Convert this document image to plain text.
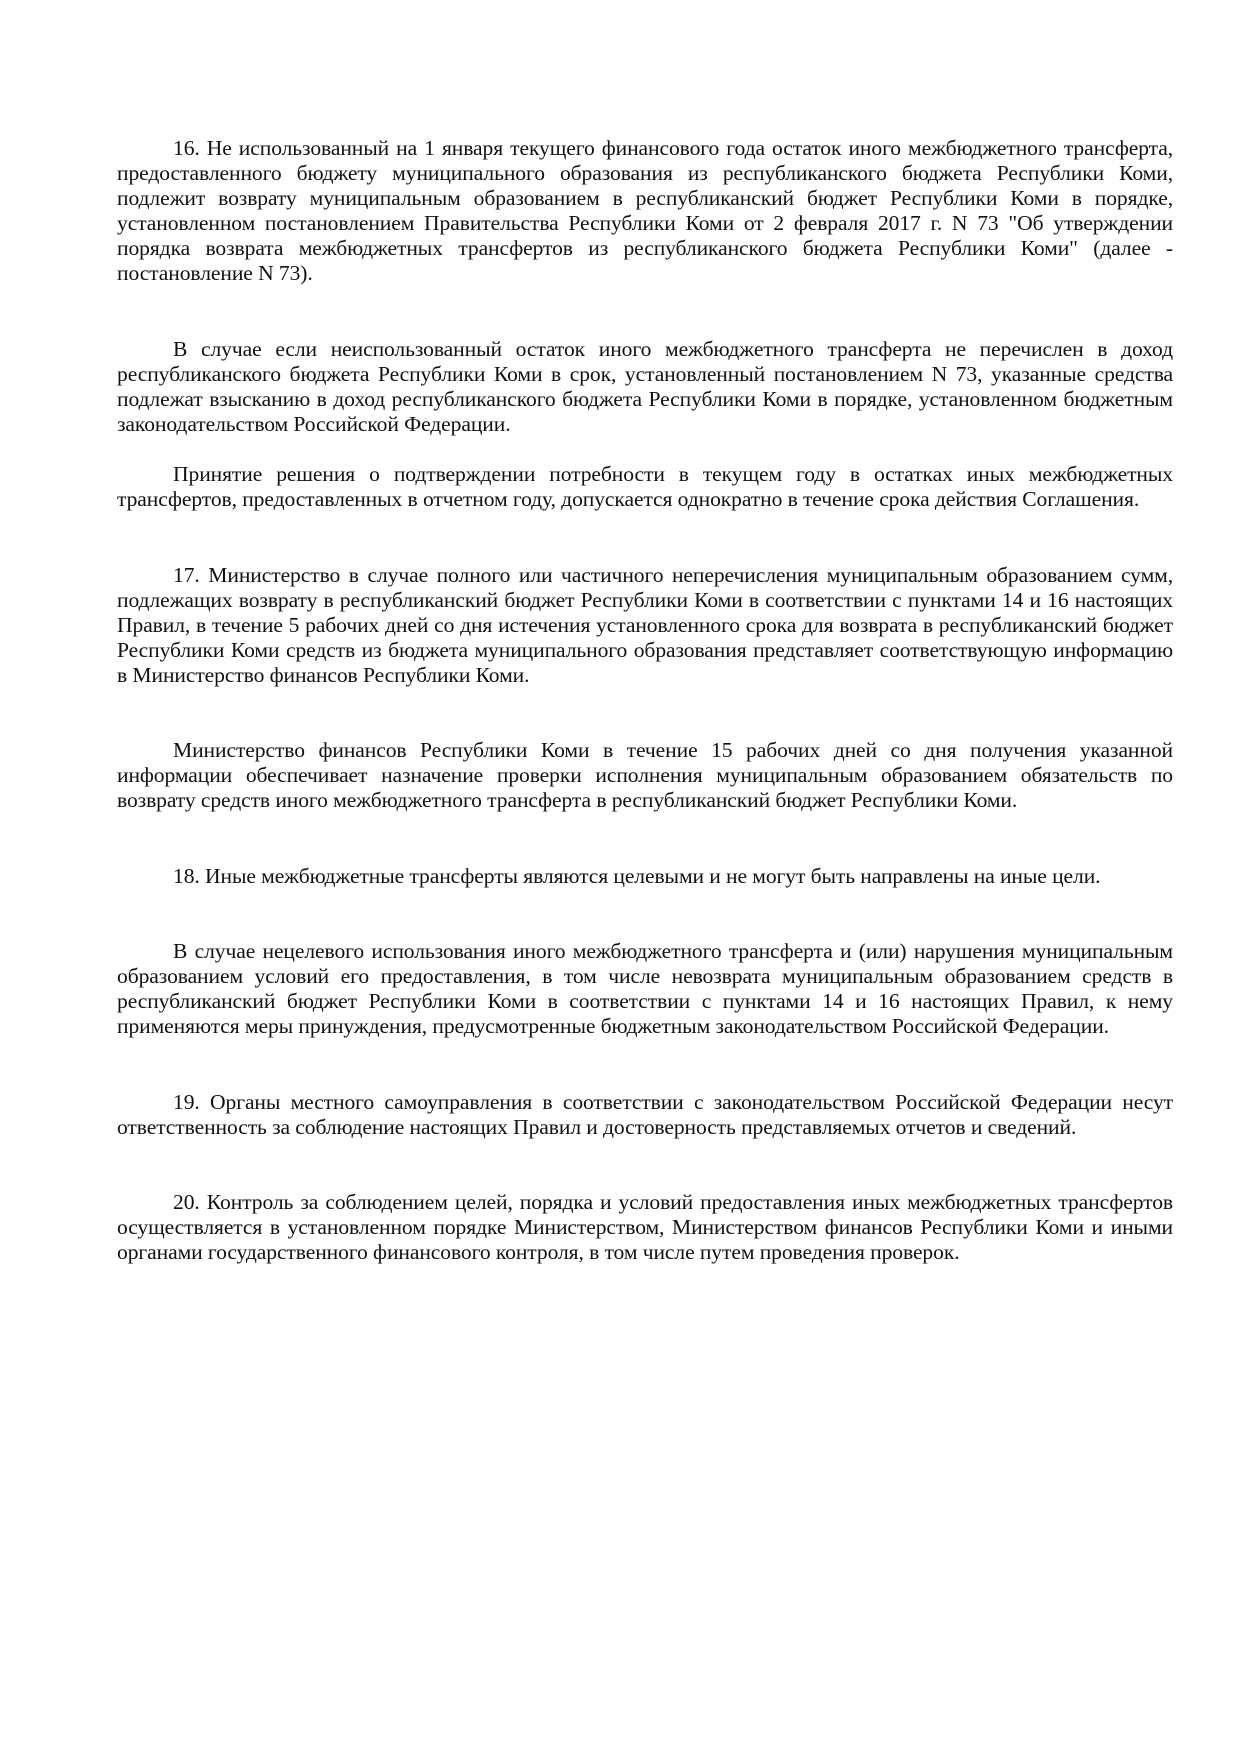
16. Не использованный на 1 января текущего финансового года остаток иного межбюджетного трансферта, предоставленного бюджету муниципального образования из республиканского бюджета Республики Коми, подлежит возврату муниципальным образованием в республиканский бюджет Республики Коми в порядке, установленном постановлением Правительства Республики Коми от 2 февраля 2017 г. N 73 "Об утверждении порядка возврата межбюджетных трансфертов из республиканского бюджета Республики Коми" (далее - постановление N 73).

В случае если неиспользованный остаток иного межбюджетного трансферта не перечислен в доход республиканского бюджета Республики Коми в срок, установленный постановлением N 73, указанные средства подлежат взысканию в доход республиканского бюджета Республики Коми в порядке, установленном бюджетным законодательством Российской Федерации.

Принятие решения о подтверждении потребности в текущем году в остатках иных межбюджетных трансфертов, предоставленных в отчетном году, допускается однократно в течение срока действия Соглашения.

17. Министерство в случае полного или частичного неперечисления муниципальным образованием сумм, подлежащих возврату в республиканский бюджет Республики Коми в соответствии с пунктами 14 и 16 настоящих Правил, в течение 5 рабочих дней со дня истечения установленного срока для возврата в республиканский бюджет Республики Коми средств из бюджета муниципального образования представляет соответствующую информацию в Министерство финансов Республики Коми.

Министерство финансов Республики Коми в течение 15 рабочих дней со дня получения указанной информации обеспечивает назначение проверки исполнения муниципальным образованием обязательств по возврату средств иного межбюджетного трансферта в республиканский бюджет Республики Коми.

18. Иные межбюджетные трансферты являются целевыми и не могут быть направлены на иные цели.

В случае нецелевого использования иного межбюджетного трансферта и (или) нарушения муниципальным образованием условий его предоставления, в том числе невозврата муниципальным образованием средств в республиканский бюджет Республики Коми в соответствии с пунктами 14 и 16 настоящих Правил, к нему применяются меры принуждения, предусмотренные бюджетным законодательством Российской Федерации.

19. Органы местного самоуправления в соответствии с законодательством Российской Федерации несут ответственность за соблюдение настоящих Правил и достоверность представляемых отчетов и сведений.

20. Контроль за соблюдением целей, порядка и условий предоставления иных межбюджетных трансфертов осуществляется в установленном порядке Министерством, Министерством финансов Республики Коми и иными органами государственного финансового контроля, в том числе путем проведения проверок.
